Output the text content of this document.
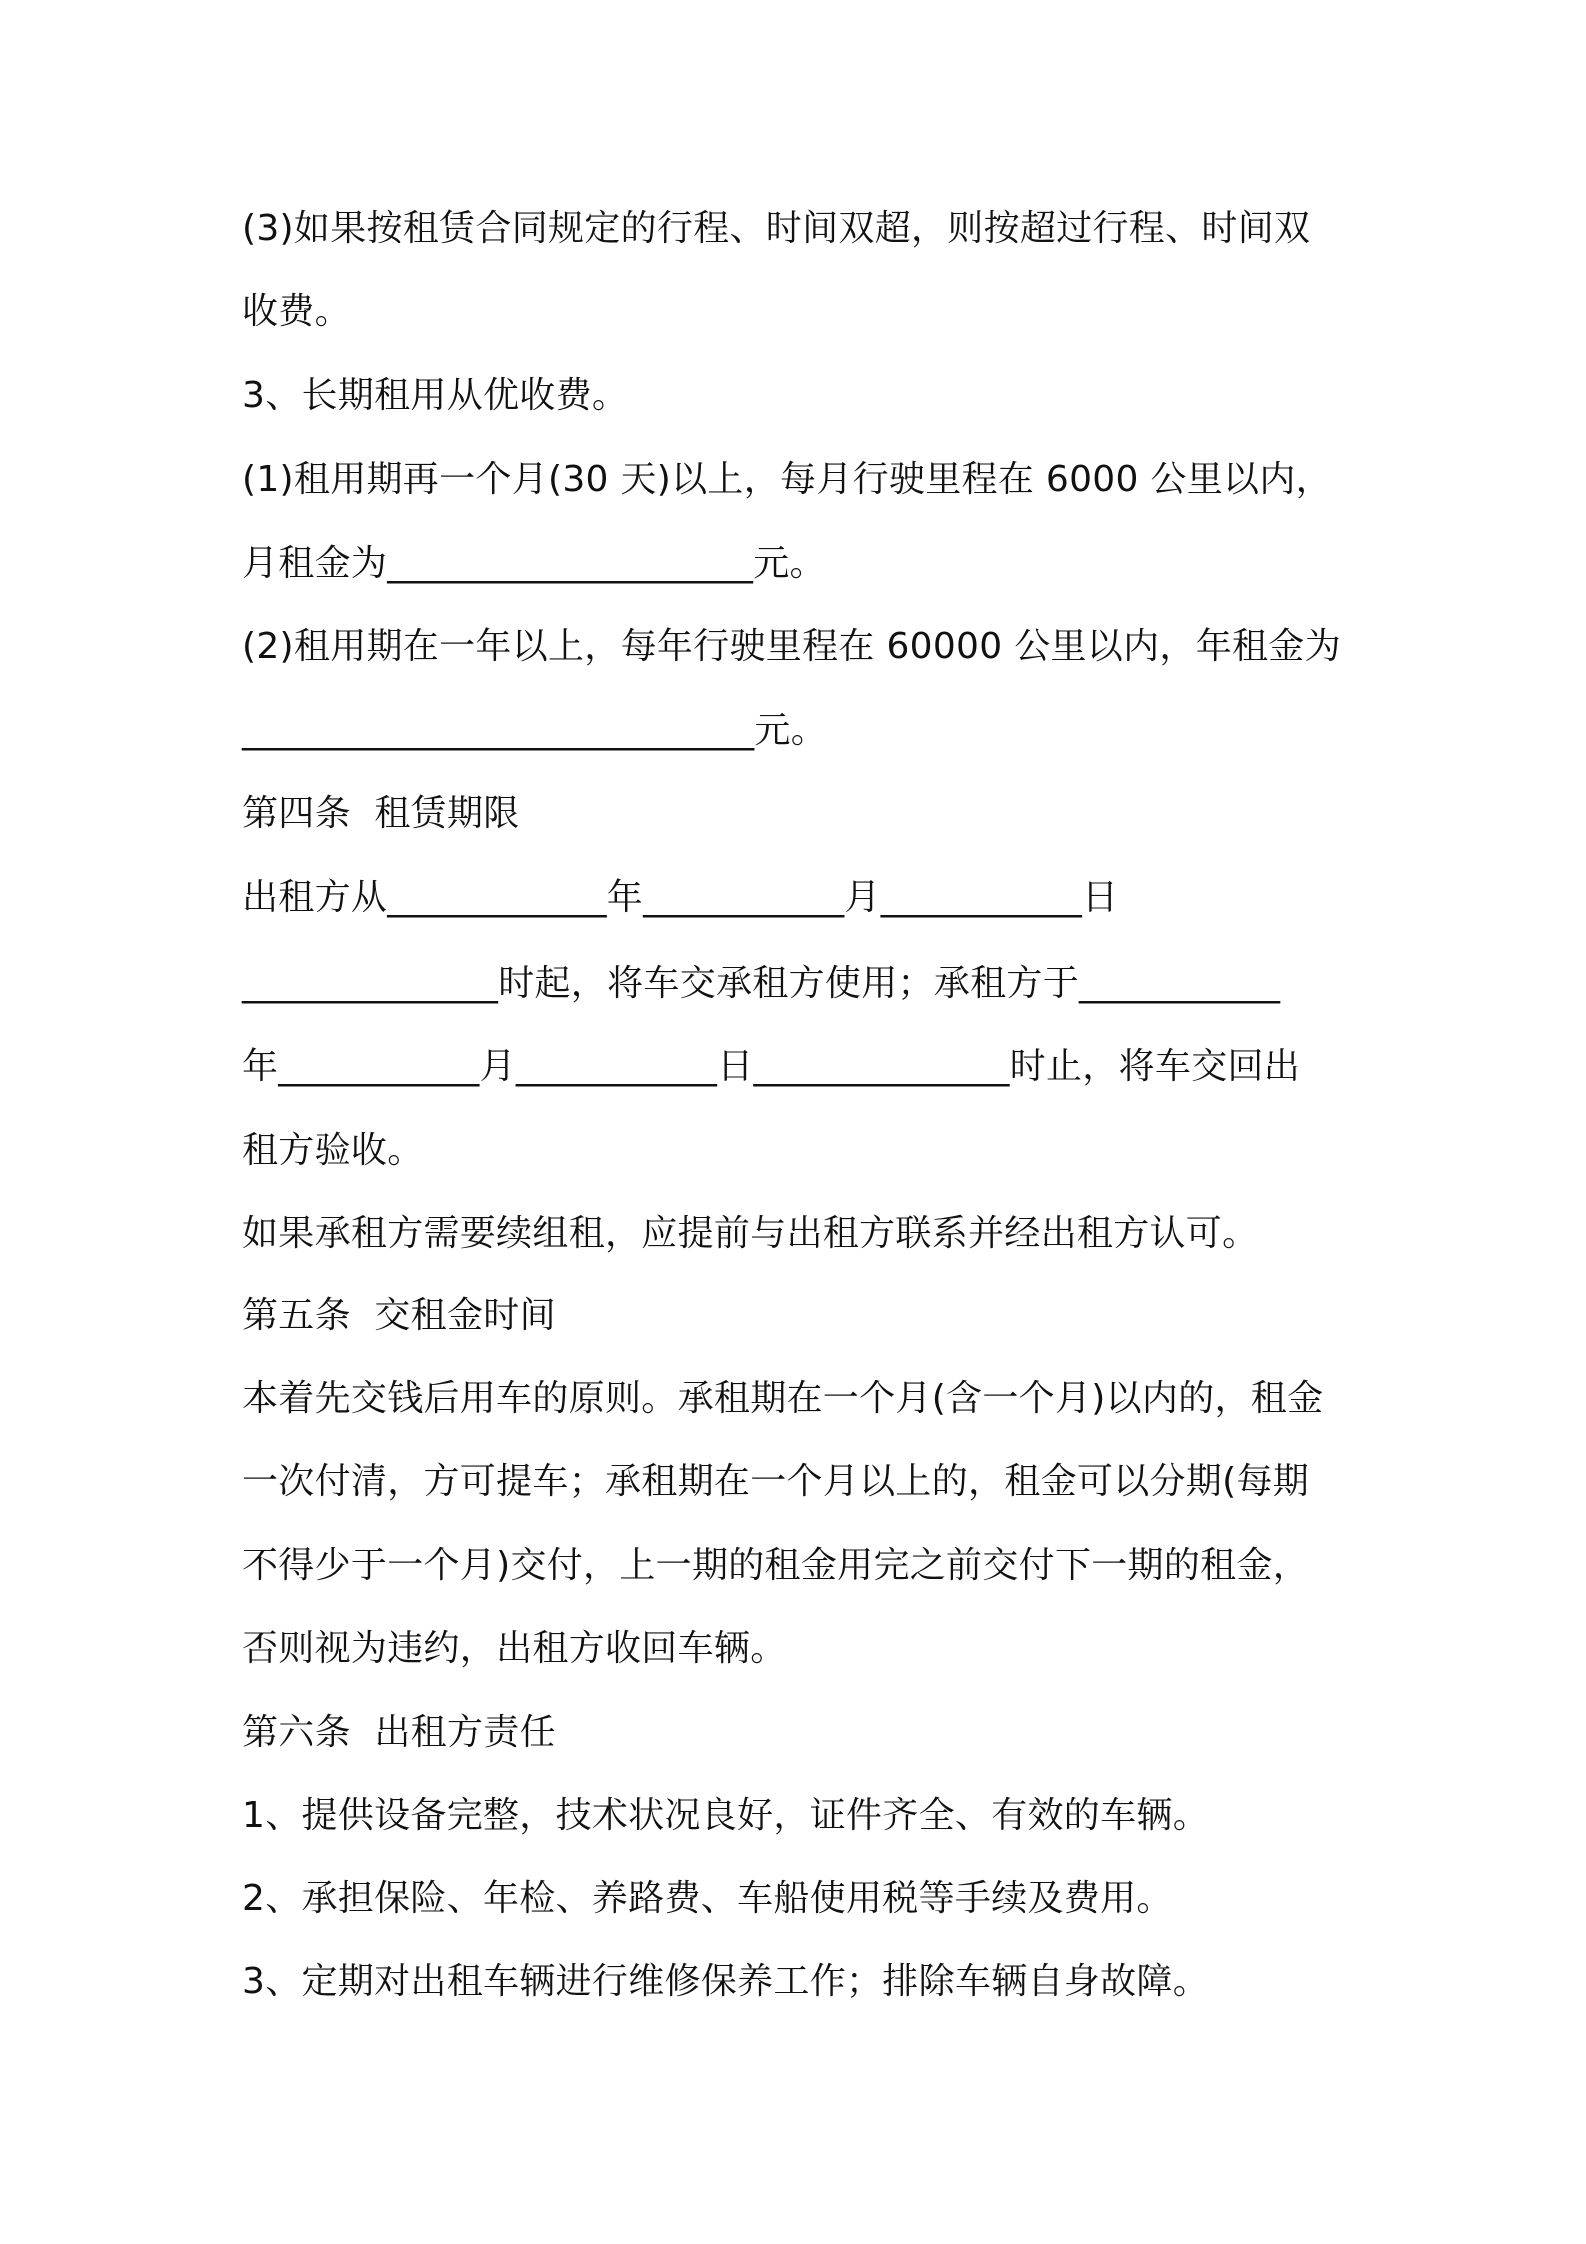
(3)如果按租赁合同规定的行程、时间双超，则按超过行程、时间双
收费。
3、长期租用从优收费。
(1)租用期再一个月(30 天)以上，每月行驶里程在 6000 公里以内，
月租金为____________________元。
(2)租用期在一年以上，每年行驶里程在 60000 公里以内，年租金为
____________________________元。
第四条  租赁期限
出租方从____________年___________月___________日
______________时起，将车交承租方使用；承租方于___________
年___________月___________日______________时止，将车交回出
租方验收。
如果承租方需要续组租，应提前与出租方联系并经出租方认可。
第五条  交租金时间
本着先交钱后用车的原则。承租期在一个月(含一个月)以内的，租金
一次付清，方可提车；承租期在一个月以上的，租金可以分期(每期
不得少于一个月)交付，上一期的租金用完之前交付下一期的租金，
否则视为违约，出租方收回车辆。
第六条  出租方责任
1、提供设备完整，技术状况良好，证件齐全、有效的车辆。
2、承担保险、年检、养路费、车船使用税等手续及费用。
3、定期对出租车辆进行维修保养工作；排除车辆自身故障。
